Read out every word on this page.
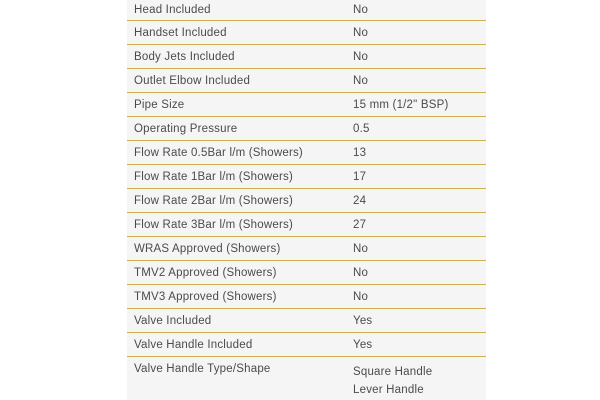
Head Included	No
Handset Included	No
Body Jets Included	No
Outlet Elbow Included	No
Pipe Size	15 mm (1/2" BSP)
Operating Pressure	0.5
Flow Rate 0.5Bar l/m (Showers)	13
Flow Rate 1Bar l/m (Showers)	17
Flow Rate 2Bar l/m (Showers)	24
Flow Rate 3Bar l/m (Showers)	27
WRAS Approved (Showers)	No
TMV2 Approved (Showers)	No
TMV3 Approved (Showers)	No
Valve Included	Yes
Valve Handle Included	Yes
Valve Handle Type/Shape	Square Handle
Lever Handle
